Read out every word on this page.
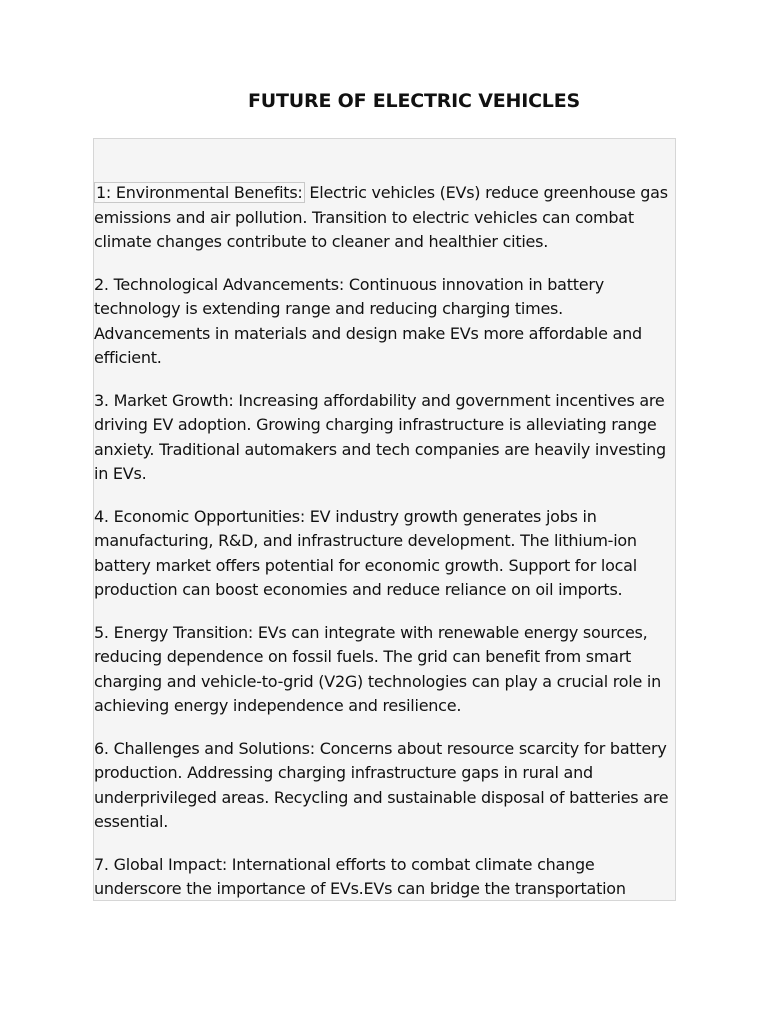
FUTURE OF ELECTRIC VEHICLES

1: Environmental Benefits: Electric vehicles (EVs) reduce greenhouse gas emissions and air pollution. Transition to electric vehicles can combat climate changes contribute to cleaner and healthier cities.

2. Technological Advancements: Continuous innovation in battery technology is extending range and reducing charging times. Advancements in materials and design make EVs more affordable and efficient.

3. Market Growth: Increasing affordability and government incentives are driving EV adoption. Growing charging infrastructure is alleviating range anxiety. Traditional automakers and tech companies are heavily investing in EVs.

4. Economic Opportunities: EV industry growth generates jobs in manufacturing, R&D, and infrastructure development. The lithium-ion battery market offers potential for economic growth. Support for local production can boost economies and reduce reliance on oil imports.

5. Energy Transition: EVs can integrate with renewable energy sources, reducing dependence on fossil fuels. The grid can benefit from smart charging and vehicle-to-grid (V2G) technologies can play a crucial role in achieving energy independence and resilience.

6. Challenges and Solutions: Concerns about resource scarcity for battery production. Addressing charging infrastructure gaps in rural and underprivileged areas. Recycling and sustainable disposal of batteries are essential.

7. Global Impact: International efforts to combat climate change underscore the importance of EVs.EVs can bridge the transportation
